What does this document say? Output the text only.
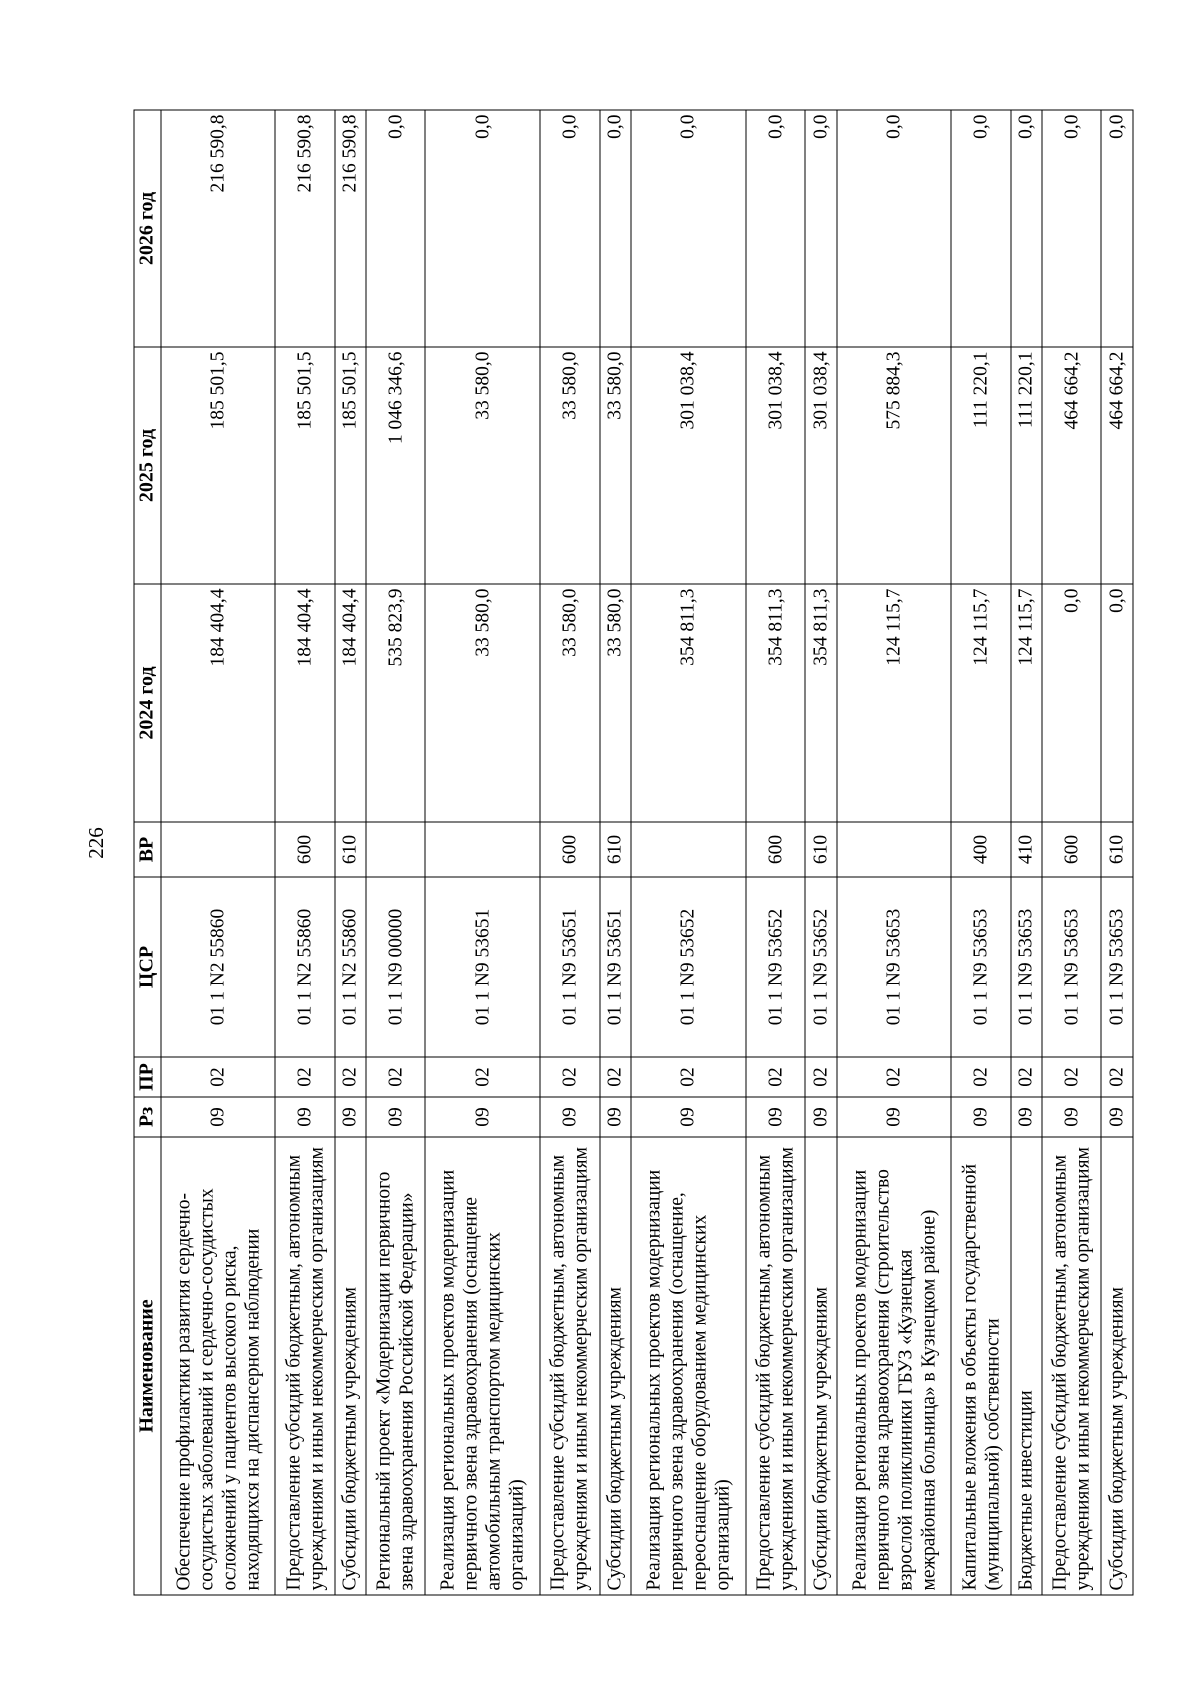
226
Наименование	Рз	ПР	ЦСР	ВР	2024 год	2025 год	2026 год
Обеспечение профилактики развития сердечно-сосудистых заболеваний и сердечно-сосудистых осложнений у пациентов высокого риска, находящихся на диспансерном наблюдении	09	02	01 1 N2 55860		184 404,4	185 501,5	216 590,8
Предоставление субсидий бюджетным, автономным учреждениям и иным некоммерческим организациям	09	02	01 1 N2 55860	600	184 404,4	185 501,5	216 590,8
Субсидии бюджетным учреждениям	09	02	01 1 N2 55860	610	184 404,4	185 501,5	216 590,8
Региональный проект «Модернизации первичного звена здравоохранения Российской Федерации»	09	02	01 1 N9 00000		535 823,9	1 046 346,6	0,0
Реализация региональных проектов модернизации первичного звена здравоохранения (оснащение автомобильным транспортом медицинских организаций)	09	02	01 1 N9 53651		33 580,0	33 580,0	0,0
Предоставление субсидий бюджетным, автономным учреждениям и иным некоммерческим организациям	09	02	01 1 N9 53651	600	33 580,0	33 580,0	0,0
Субсидии бюджетным учреждениям	09	02	01 1 N9 53651	610	33 580,0	33 580,0	0,0
Реализация региональных проектов модернизации первичного звена здравоохранения (оснащение, переоснащение оборудованием медицинских организаций)	09	02	01 1 N9 53652		354 811,3	301 038,4	0,0
Предоставление субсидий бюджетным, автономным учреждениям и иным некоммерческим организациям	09	02	01 1 N9 53652	600	354 811,3	301 038,4	0,0
Субсидии бюджетным учреждениям	09	02	01 1 N9 53652	610	354 811,3	301 038,4	0,0
Реализация региональных проектов модернизации первичного звена здравоохранения (строительство взрослой поликлиники ГБУЗ «Кузнецкая межрайонная больница» в Кузнецком районе)	09	02	01 1 N9 53653		124 115,7	575 884,3	0,0
Капитальные вложения в объекты государственной (муниципальной) собственности	09	02	01 1 N9 53653	400	124 115,7	111 220,1	0,0
Бюджетные инвестиции	09	02	01 1 N9 53653	410	124 115,7	111 220,1	0,0
Предоставление субсидий бюджетным, автономным учреждениям и иным некоммерческим организациям	09	02	01 1 N9 53653	600	0,0	464 664,2	0,0
Субсидии бюджетным учреждениям	09	02	01 1 N9 53653	610	0,0	464 664,2	0,0
